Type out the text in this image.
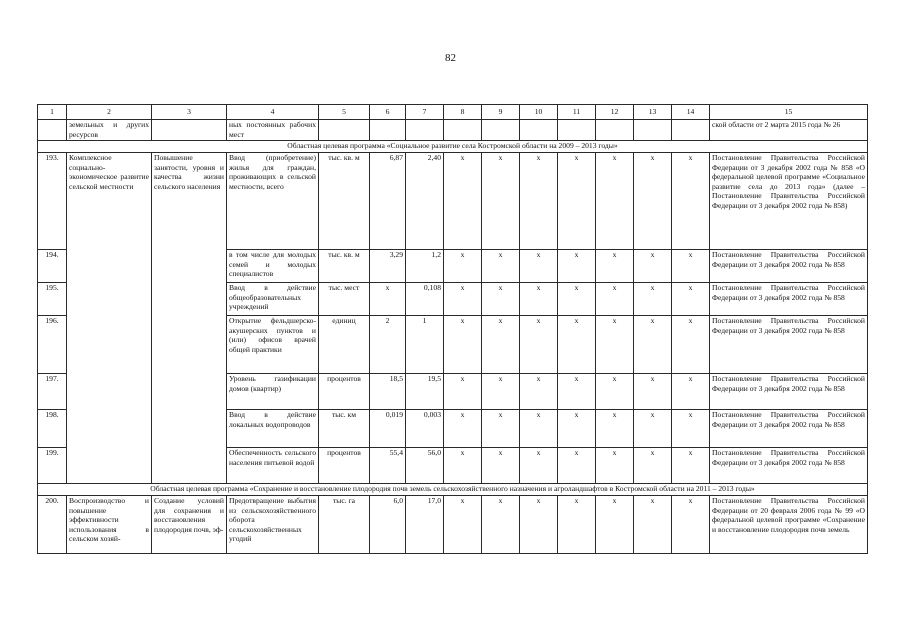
82
1	2	3	4	5	6	7	8	9	10	11	12	13	14	15
	земельных и других ресурсов		ных постоянных рабочих мест											ской области от 2 марта 2015 года № 26
Областная целевая программа «Социальное развитие села Костромской области на 2009 – 2013 годы»														
193.	Комплексное социально-экономическое развитие сельской местности	Повышение занятости, уровня и качества жизни сельского населения	Ввод (приобретение) жилья для граждан, проживающих в сельской местности, всего	тыс. кв. м	6,87	2,40	x	x	x	x	x	x	x	Постановление Правительства Российской Федерации от 3 декабря 2002 года № 858 «О федеральной целевой программе «Социальное развитие села до 2013 года» (далее – Постановление Правительства Российской Федерации от 3 декабря 2002 года № 858)
194.			в том числе для молодых семей и молодых специалистов	тыс. кв. м	3,29	1,2	x	x	x	x	x	x	x	Постановление Правительства Российской Федерации от 3 декабря 2002 года № 858
195.			Ввод в действие общеобразовательных учреждений	тыс. мест	x	0,108	x	x	x	x	x	x	x	Постановление Правительства Российской Федерации от 3 декабря 2002 года № 858
196.			Открытие фельдшерско-акушерских пунктов и (или) офисов врачей общей практики	единиц	2	1	x	x	x	x	x	x	x	Постановление Правительства Российской Федерации от 3 декабря 2002 года № 858
197.			Уровень газификации домов (квартир)	процентов	18,5	19,5	x	x	x	x	x	x	x	Постановление Правительства Российской Федерации от 3 декабря 2002 года № 858
198.			Ввод в действие локальных водопроводов	тыс. км	0,019	0,003	x	x	x	x	x	x	x	Постановление Правительства Российской Федерации от 3 декабря 2002 года № 858
199.			Обеспеченность сельского населения питьевой водой	процентов	55,4	56,0	x	x	x	x	x	x	x	Постановление Правительства Российской Федерации от 3 декабря 2002 года № 858
Областная целевая программа «Сохранение и восстановление плодородия почв земель сельскохозяйственного назначения и агроландшафтов в Костромской области на 2011 – 2013 годы»														
200.	Воспроизводство и повышение эффективности использования в сельском хозяй-	Создание условий для сохранения и восстановления плодородия почв, эф-	Предотвращение выбытия из сельскохозяйственного оборота сельскохозяйственных угодий	тыс. га	6,0	17,0	x	x	x	x	x	x	x	Постановление Правительства Российской Федерации от 20 февраля 2006 года № 99 «О федеральной целевой программе «Сохранение и восстановление плодородия почв земель
